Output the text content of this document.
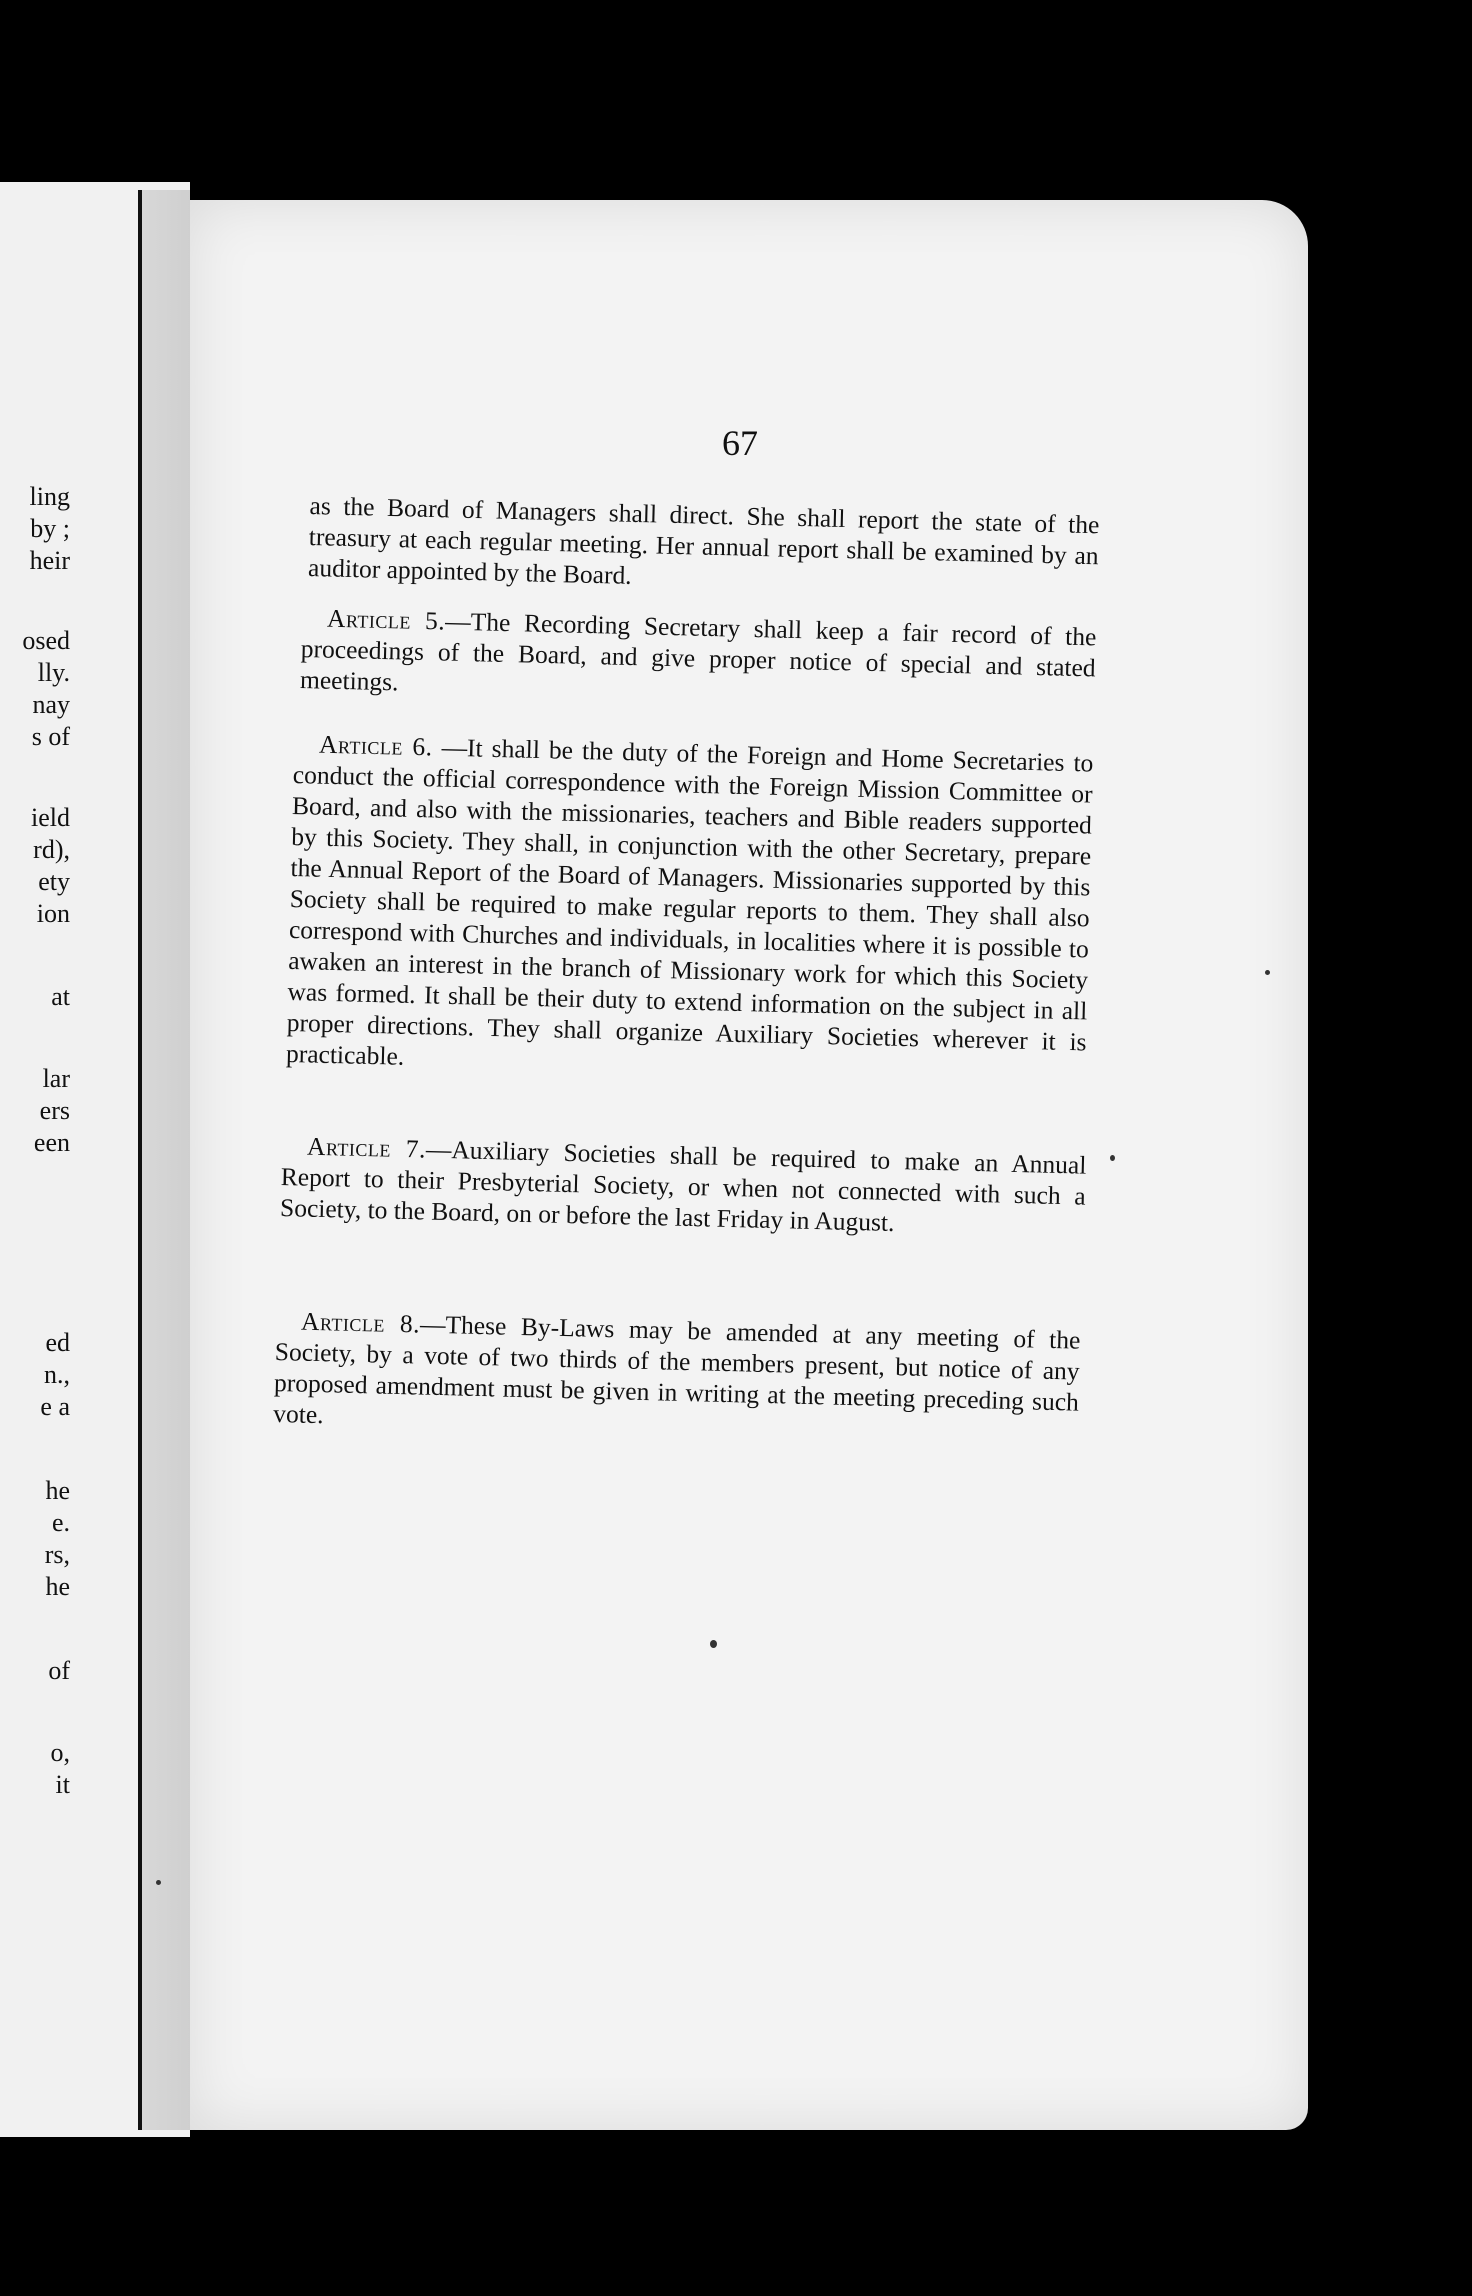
ling
by ;
heir
osed
lly.
nay
s of
ield
rd),
ety
ion
at
lar
ers
een
ed
n.,
e a
he
e.
rs,
he
of
o,
it
67
as the Board of Managers shall direct. She shall report the state of the treasury at each regular meeting. Her annual report shall be examined by an auditor appointed by the Board.
 Article 5.—The Recording Secretary shall keep a fair record of the proceedings of the Board, and give proper notice of special and stated meetings.
 Article 6. —It shall be the duty of the Foreign and Home Secretaries to conduct the official correspondence with the Foreign Mission Committee or Board, and also with the missionaries, teachers and Bible readers supported by this Society. They shall, in conjunction with the other Secretary, prepare the Annual Report of the Board of Managers. Missionaries supported by this Society shall be required to make regular reports to them. They shall also correspond with Churches and individuals, in localities where it is possible to awaken an interest in the branch of Missionary work for which this Society was formed. It shall be their duty to extend information on the subject in all proper directions. They shall organize Auxiliary Societies wherever it is practicable.
 Article 7.—Auxiliary Societies shall be required to make an Annual Report to their Presbyterial Society, or when not connected with such a Society, to the Board, on or before the last Friday in August.
 Article 8.—These By-Laws may be amended at any meeting of the Society, by a vote of two thirds of the members present, but notice of any proposed amendment must be given in writing at the meeting preceding such vote.
